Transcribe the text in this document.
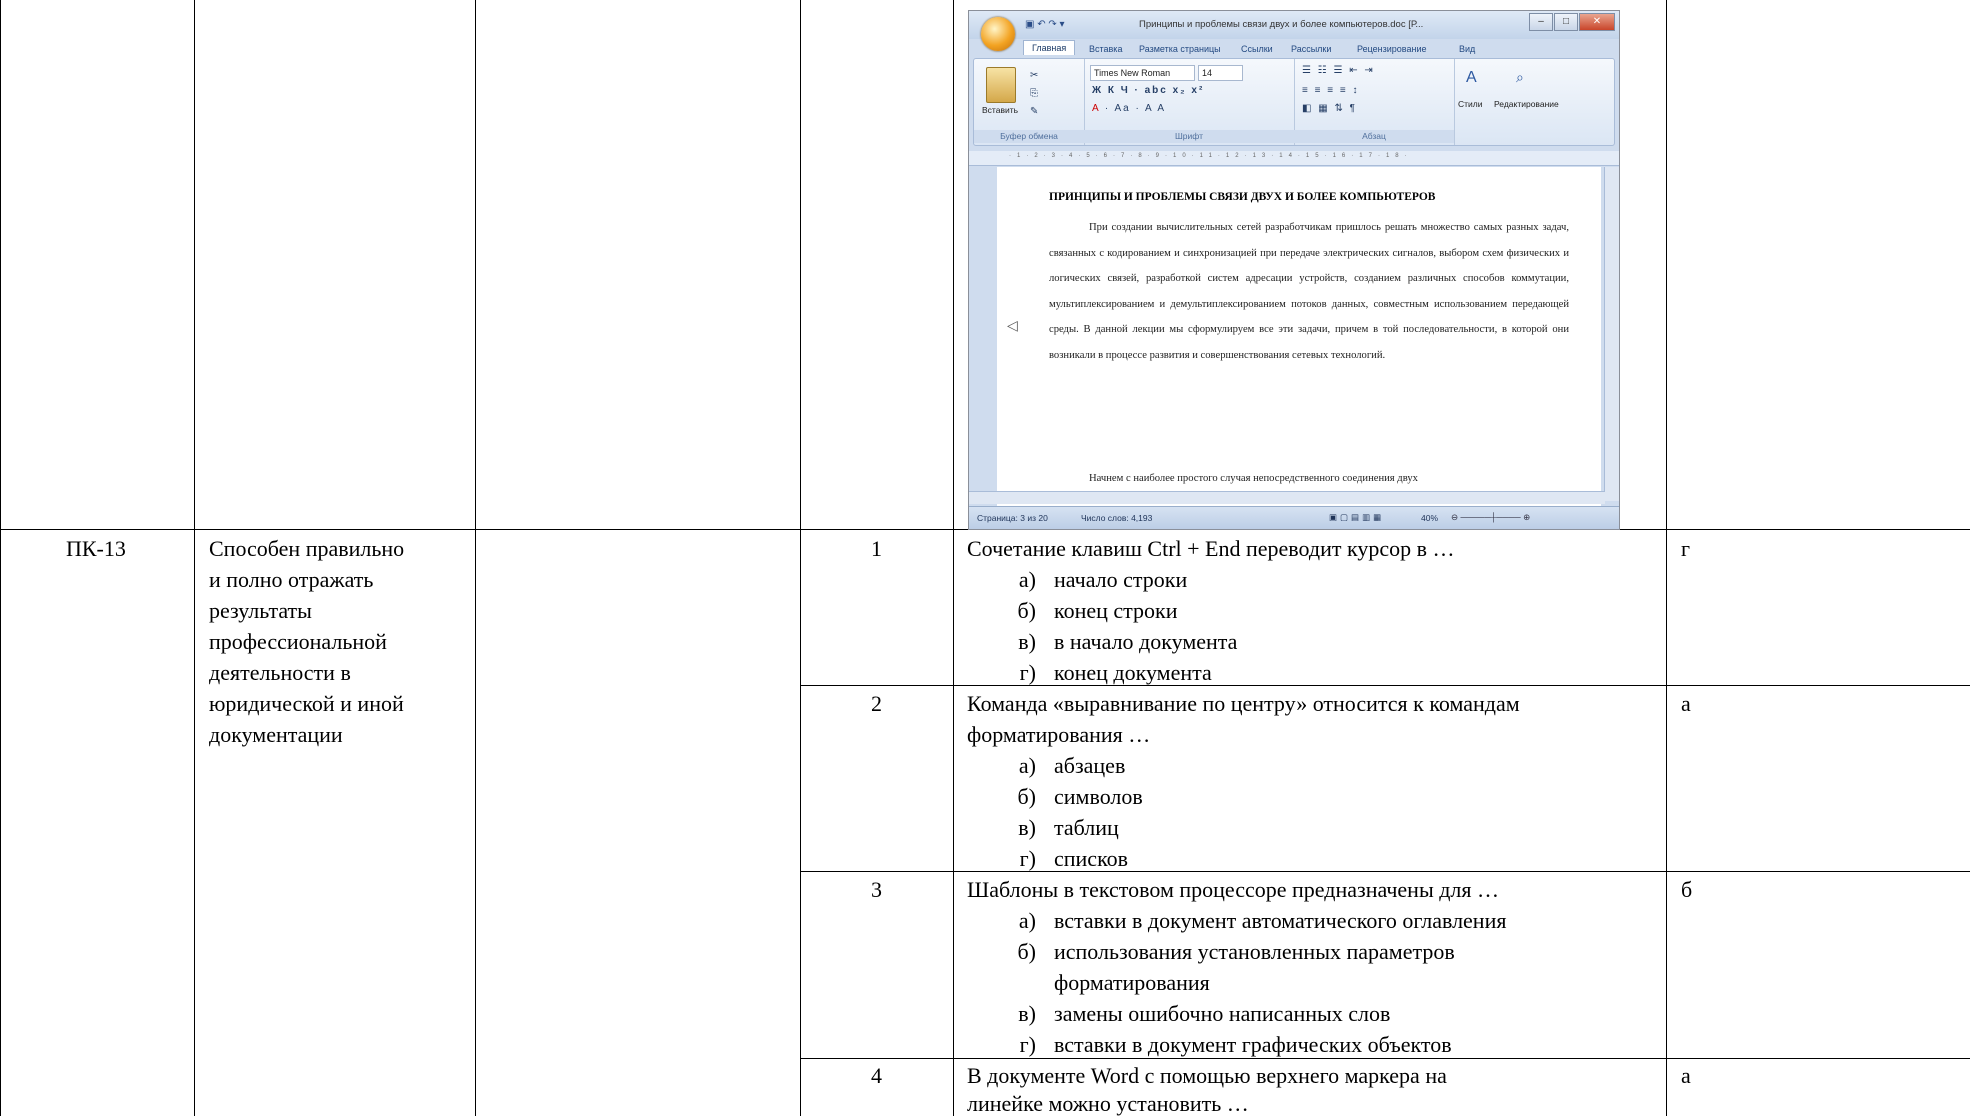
▣ ↶ ↷ ▾	Принципы и проблемы связи двух и более компьютеров.doc [Р...	–	□	✕
Главная	Вставка Разметка страницы Ссылки Рассылки	Рецензирование	Вид
Вставить
✂
⎘
✎
Буфер обмена
Times New Roman	14
Ж К Ч · abc x₂ x²
A · Aa · A A
Шрифт
☰ ☷ ☰ ⇤ ⇥
≡ ≡ ≡ ≡ ↕
◧ ▦ ⇅ ¶
Абзац
A	⌕
Стили Редактирование
·1·2·3·4·5·6·7·8·9·10·11·12·13·14·15·16·17·18·
ПРИНЦИПЫ И ПРОБЛЕМЫ СВЯЗИ ДВУХ И БОЛЕЕ КОМПЬЮТЕРОВ
При создании вычислительных сетей разработчикам пришлось решать множество самых разных задач, связанных с кодированием и синхронизацией при передаче электрических сигналов, выбором схем физических и логических связей, разработкой систем адресации устройств, созданием различных способов коммутации, мультиплексированием и демультиплексированием потоков данных, совместным использованием передающей среды. В данной лекции мы сформулируем все эти задачи, причем в той последовательности, в которой они возникали в процессе развития и совершенствования сетевых технологий.
Начнем с наиболее простого случая непосредственного соединения двух
◁
Страница: 3 из 20	Число слов: 4,193	▣▢▤▥▦	40% ⊖ ─────┼──── ⊕
ПК-13	Способен правильно
и полно отражать
результаты
профессиональной
деятельности в
юридической и иной
документации
1	Сочетание клавиш Ctrl + End переводит курсор в …
а) начало строки
б) конец строки
в) в начало документа
г) конец документа
г
2	Команда «выравнивание по центру» относится к командам
форматирования …
а) абзацев
б) символов
в) таблиц
г) списков
а
3	Шаблоны в текстовом процессоре предназначены для …
а) вставки в документ автоматического оглавления
б) использования установленных параметров
форматирования
в) замены ошибочно написанных слов
г) вставки в документ графических объектов
б
4	В документе Word с помощью верхнего маркера на
линейке можно установить …
а
